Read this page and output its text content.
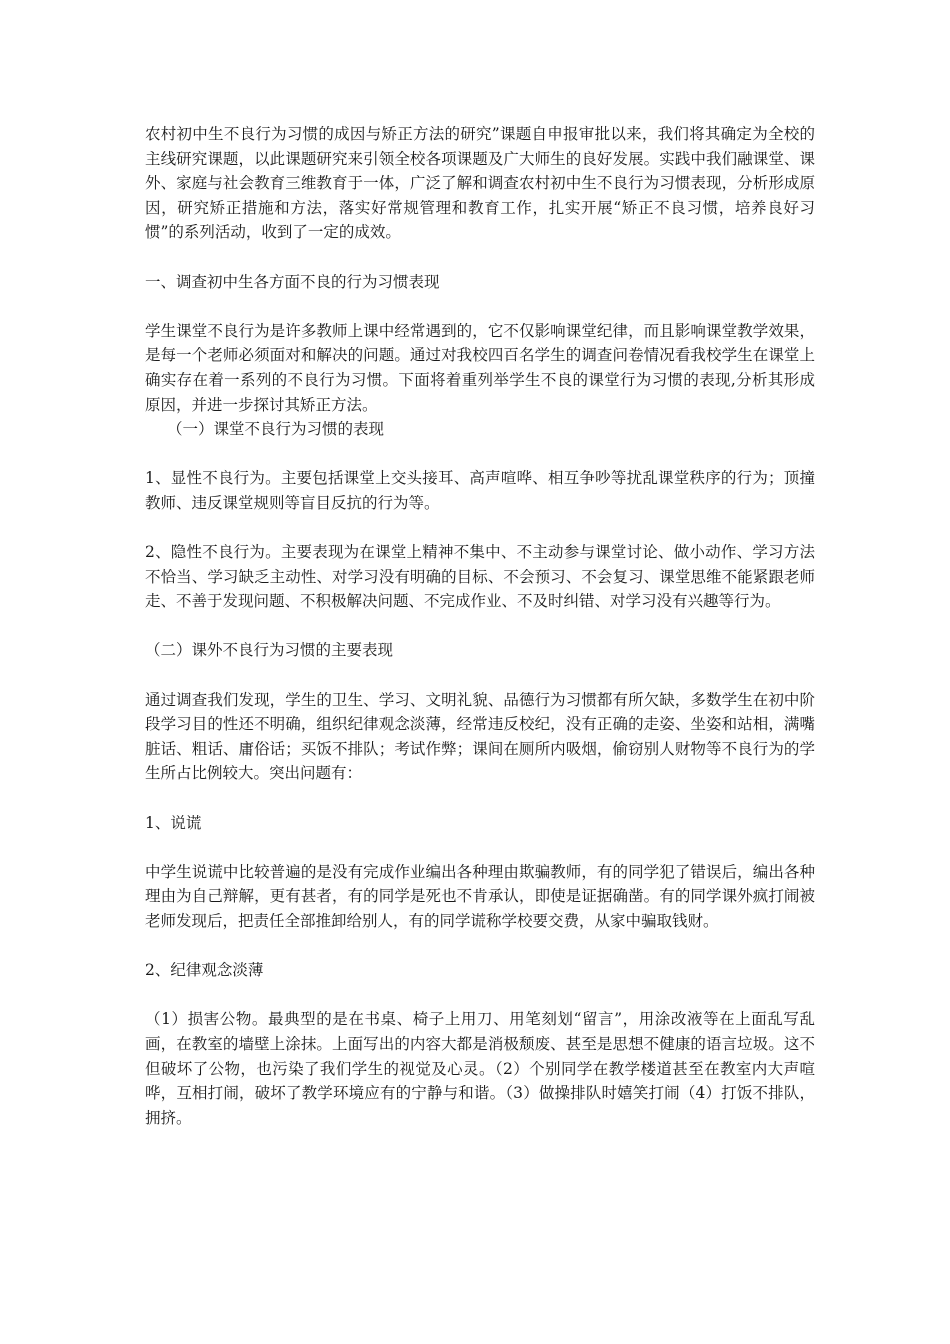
农村初中生不良行为习惯的成因与矫正方法的研究”课题自申报审批以来，我们将其确定为全校的主线研究课题，以此课题研究来引领全校各项课题及广大师生的良好发展。实践中我们融课堂、课外、家庭与社会教育三维教育于一体，广泛了解和调查农村初中生不良行为习惯表现，分析形成原因，研究矫正措施和方法，落实好常规管理和教育工作，扎实开展“矫正不良习惯，培养良好习惯”的系列活动，收到了一定的成效。

一、调查初中生各方面不良的行为习惯表现

学生课堂不良行为是许多教师上课中经常遇到的，它不仅影响课堂纪律，而且影响课堂教学效果，是每一个老师必须面对和解决的问题。通过对我校四百名学生的调查问卷情况看我校学生在课堂上确实存在着一系列的不良行为习惯。下面将着重列举学生不良的课堂行为习惯的表现,分析其形成原因，并进一步探讨其矫正方法。

（一）课堂不良行为习惯的表现

1、显性不良行为。主要包括课堂上交头接耳、高声喧哗、相互争吵等扰乱课堂秩序的行为；顶撞教师、违反课堂规则等盲目反抗的行为等。

2、隐性不良行为。主要表现为在课堂上精神不集中、不主动参与课堂讨论、做小动作、学习方法不恰当、学习缺乏主动性、对学习没有明确的目标、不会预习、不会复习、课堂思维不能紧跟老师走、不善于发现问题、不积极解决问题、不完成作业、不及时纠错、对学习没有兴趣等行为。

（二）课外不良行为习惯的主要表现

通过调查我们发现，学生的卫生、学习、文明礼貌、品德行为习惯都有所欠缺，多数学生在初中阶段学习目的性还不明确，组织纪律观念淡薄，经常违反校纪，没有正确的走姿、坐姿和站相，满嘴脏话、粗话、庸俗话；买饭不排队；考试作弊；课间在厕所内吸烟，偷窃别人财物等不良行为的学生所占比例较大。突出问题有：

1、说谎

中学生说谎中比较普遍的是没有完成作业编出各种理由欺骗教师，有的同学犯了错误后，编出各种理由为自己辩解，更有甚者，有的同学是死也不肯承认，即使是证据确凿。有的同学课外疯打闹被老师发现后，把责任全部推卸给别人，有的同学谎称学校要交费，从家中骗取钱财。

2、纪律观念淡薄

（1）损害公物。最典型的是在书桌、椅子上用刀、用笔刻划“留言”，用涂改液等在上面乱写乱画，在教室的墙壁上涂抹。上面写出的内容大都是消极颓废、甚至是思想不健康的语言垃圾。这不但破坏了公物，也污染了我们学生的视觉及心灵。（2）个别同学在教学楼道甚至在教室内大声喧哗，互相打闹，破坏了教学环境应有的宁静与和谐。（3）做操排队时嬉笑打闹（4）打饭不排队，拥挤。
